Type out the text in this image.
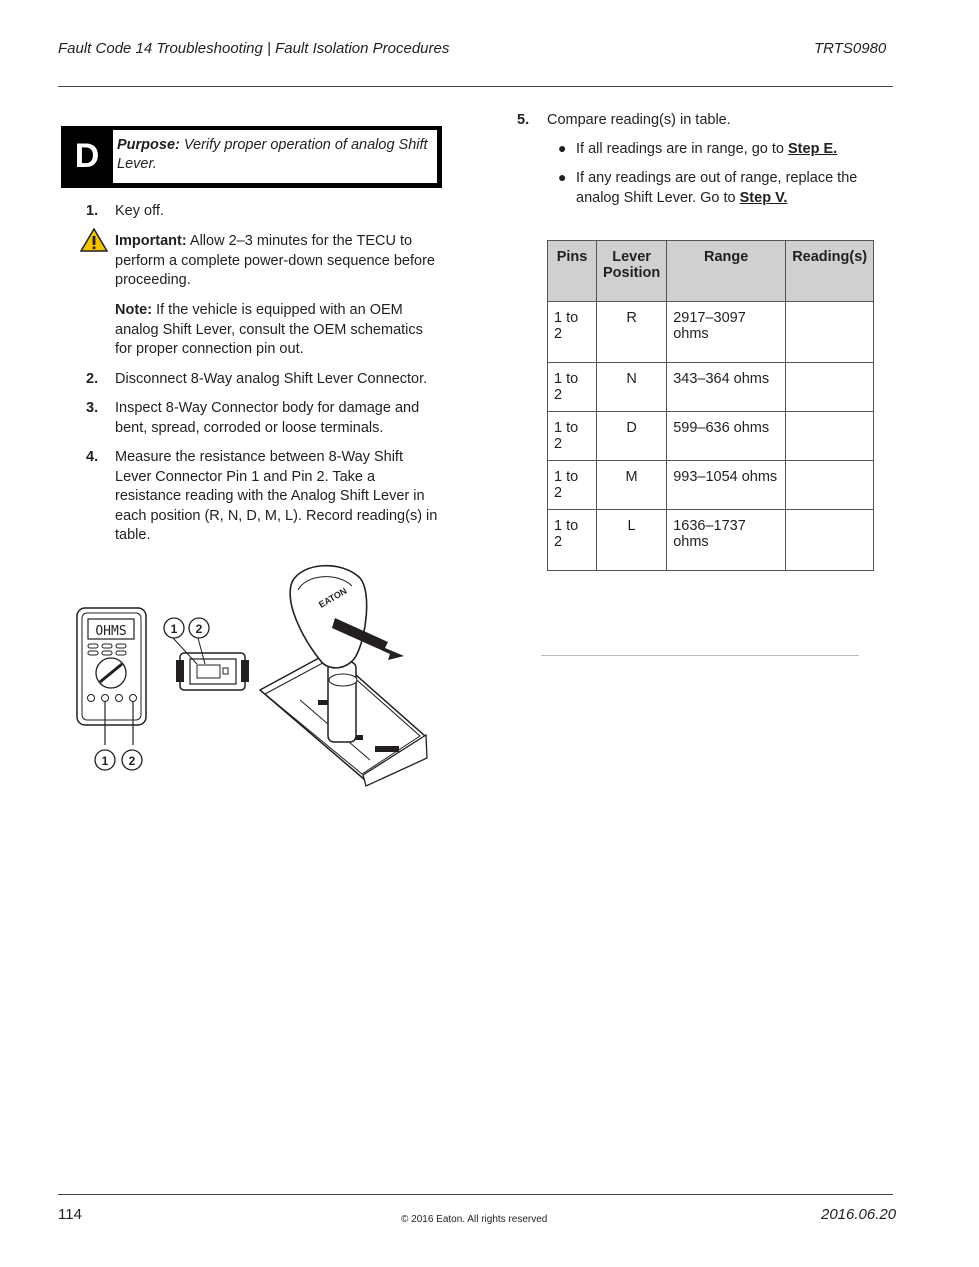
Fault Code 14 Troubleshooting | Fault Isolation Procedures	TRTS0980
D	Purpose: Verify proper operation of analog Shift Lever.
1. Key off.
Important: Allow 2–3 minutes for the TECU to perform a complete power-down sequence before proceeding.
Note: If the vehicle is equipped with an OEM analog Shift Lever, consult the OEM schematics for proper connection pin out.
2. Disconnect 8-Way analog Shift Lever Connector.
3. Inspect 8-Way Connector body for damage and bent, spread, corroded or loose terminals.
4. Measure the resistance between 8-Way Shift Lever Connector Pin 1 and Pin 2. Take a resistance reading with the Analog Shift Lever in each position (R, N, D, M, L). Record reading(s) in table.
OHMS
1 2
1 2
EATON
5. Compare reading(s) in table.
● If all readings are in range, go to Step E.
● If any readings are out of range, replace the analog Shift Lever. Go to Step V.
Pins	Lever Position	Range	Reading(s)
1 to 2	R	2917–3097 ohms	
1 to 2	N	343–364 ohms	
1 to 2	D	599–636 ohms	
1 to 2	M	993–1054 ohms	
1 to 2	L	1636–1737 ohms	
114	© 2016 Eaton. All rights reserved	2016.06.20
